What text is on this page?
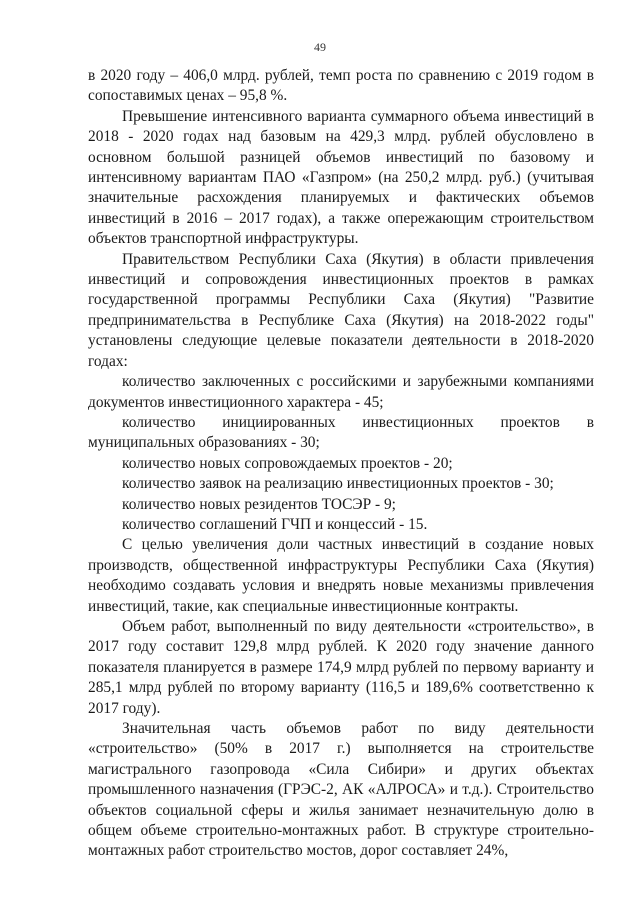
49

в 2020 году – 406,0 млрд. рублей, темп роста по сравнению с 2019 годом в сопоставимых ценах – 95,8 %.

Превышение интенсивного варианта суммарного объема инвестиций в 2018 - 2020 годах над базовым на 429,3 млрд. рублей обусловлено в основном большой разницей объемов инвестиций по базовому и интенсивному вариантам ПАО «Газпром» (на 250,2 млрд. руб.) (учитывая значительные расхождения планируемых и фактических объемов инвестиций в 2016 – 2017 годах), а также опережающим строительством объектов транспортной инфраструктуры.

Правительством Республики Саха (Якутия) в области привлечения инвестиций и сопровождения инвестиционных проектов в рамках государственной программы Республики Саха (Якутия) "Развитие предпринимательства в Республике Саха (Якутия) на 2018-2022 годы" установлены следующие целевые показатели деятельности в 2018-2020 годах:

количество заключенных с российскими и зарубежными компаниями документов инвестиционного характера - 45;

количество инициированных инвестиционных проектов в муниципальных образованиях - 30;

количество новых сопровождаемых проектов - 20;

количество заявок на реализацию инвестиционных проектов - 30;

количество новых резидентов ТОСЭР - 9;

количество соглашений ГЧП и концессий - 15.

С целью увеличения доли частных инвестиций в создание новых производств, общественной инфраструктуры Республики Саха (Якутия) необходимо создавать условия и внедрять новые механизмы привлечения инвестиций, такие, как специальные инвестиционные контракты.

Объем работ, выполненный по виду деятельности «строительство», в 2017 году составит 129,8 млрд рублей. К 2020 году значение данного показателя планируется в размере 174,9 млрд рублей по первому варианту и 285,1 млрд рублей по второму варианту (116,5 и 189,6% соответственно к 2017 году).

Значительная часть объемов работ по виду деятельности «строительство» (50% в 2017 г.) выполняется на строительстве магистрального газопровода «Сила Сибири» и других объектах промышленного назначения (ГРЭС-2, АК «АЛРОСА» и т.д.). Строительство объектов социальной сферы и жилья занимает незначительную долю в общем объеме строительно-монтажных работ. В структуре строительно-монтажных работ строительство мостов, дорог составляет 24%,
